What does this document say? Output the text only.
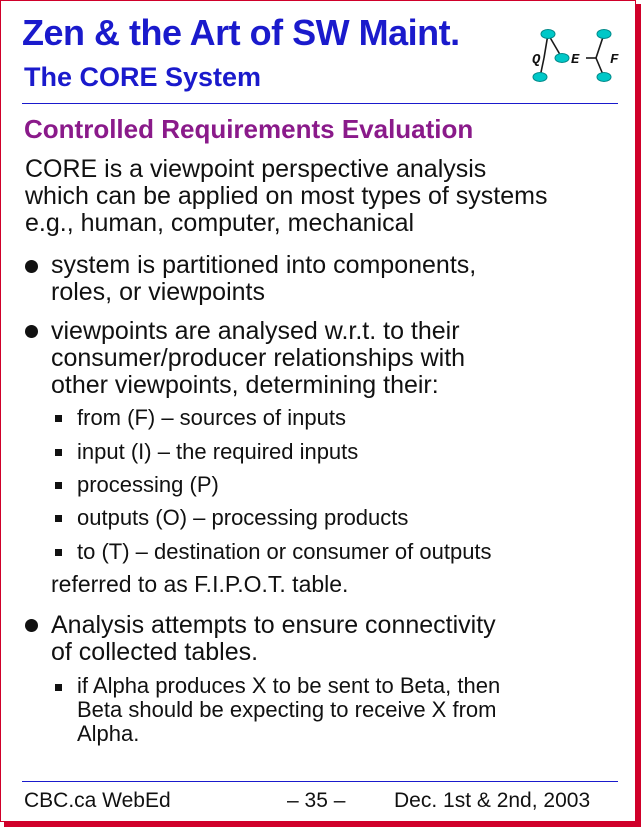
Zen & the Art of SW Maint.
The CORE System
Q E F
Controlled Requirements Evaluation
CORE is a viewpoint perspective analysis
which can be applied on most types of systems
e.g., human, computer, mechanical
system is partitioned into components,
roles, or viewpoints
viewpoints are analysed w.r.t. to their
consumer/producer relationships with
other viewpoints, determining their:
from (F) – sources of inputs
input (I) – the required inputs
processing (P)
outputs (O) – processing products
to (T) – destination or consumer of outputs
referred to as F.I.P.O.T. table.
Analysis attempts to ensure connectivity
of collected tables.
if Alpha produces X to be sent to Beta, then
Beta should be expecting to receive X from
Alpha.
CBC.ca WebEd	– 35 – Dec. 1st & 2nd, 2003
